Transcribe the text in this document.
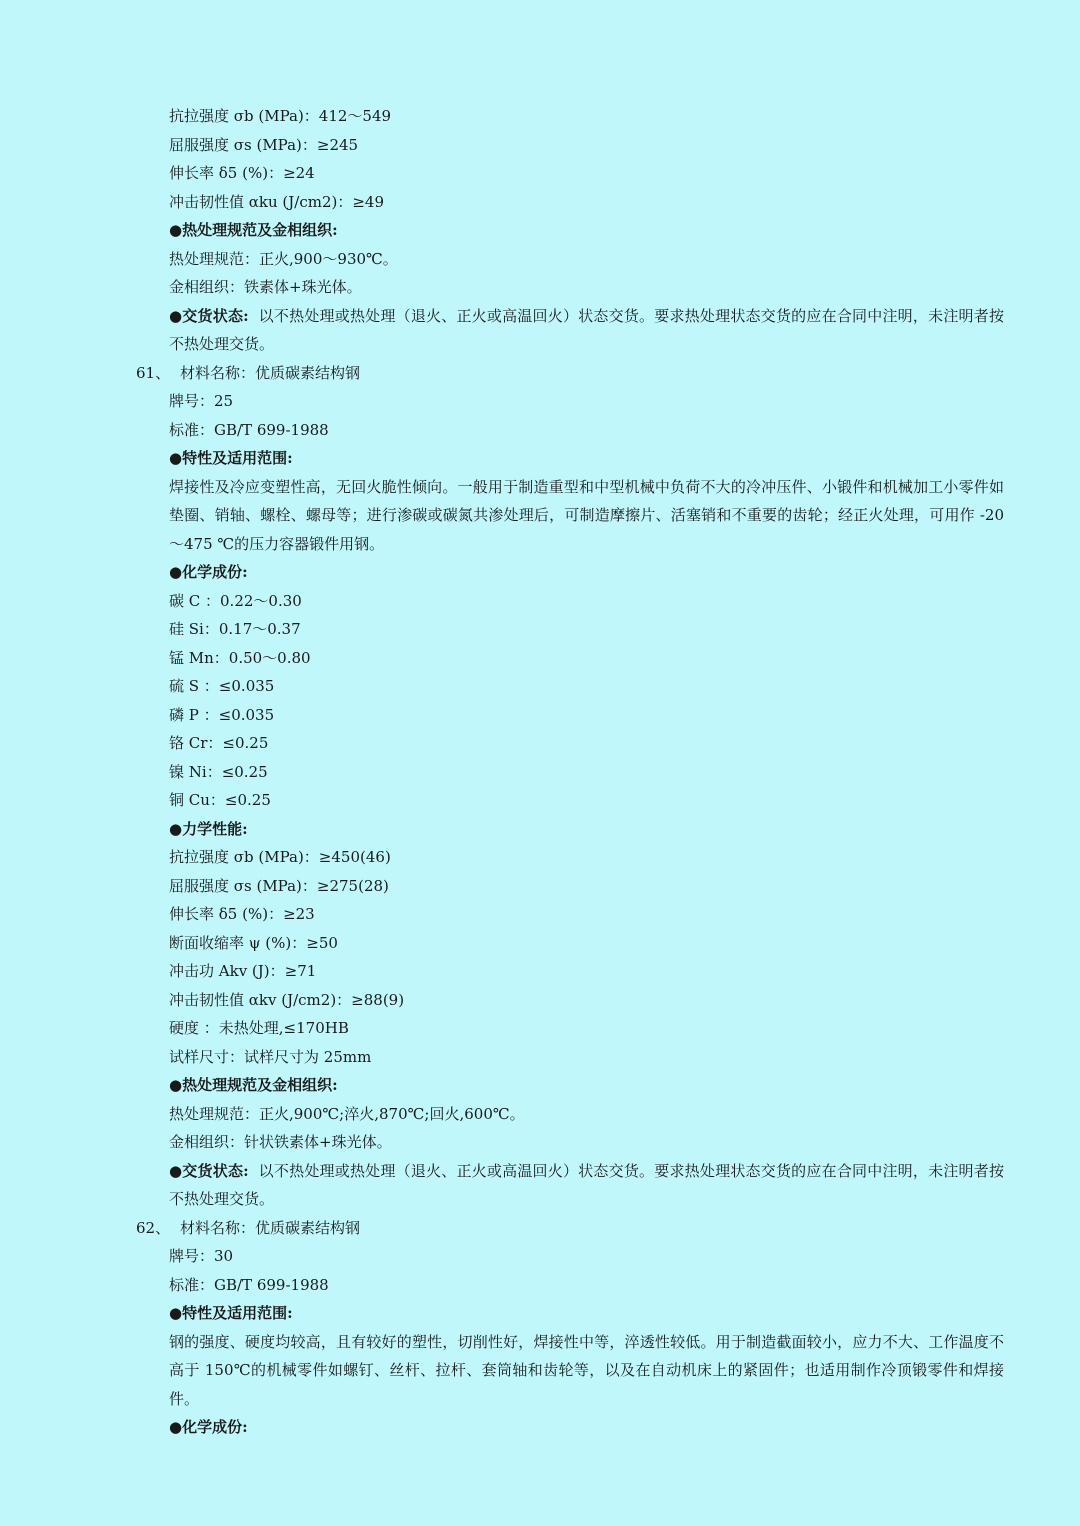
抗拉强度 σb (MPa)：412～549
屈服强度 σs (MPa)：≥245
伸长率 δ5 (%)：≥24
冲击韧性值 αku (J/cm2)：≥49
●热处理规范及金相组织:
热处理规范：正火,900～930℃。
金相组织：铁素体+珠光体。
●交货状态: 以不热处理或热处理（退火、正火或高温回火）状态交货。要求热处理状态交货的应在合同中注明，未注明者按不热处理交货。
61、 材料名称：优质碳素结构钢
牌号：25
标准：GB/T 699-1988
●特性及适用范围:
焊接性及冷应变塑性高，无回火脆性倾向。一般用于制造重型和中型机械中负荷不大的冷冲压件、小锻件和机械加工小零件如垫圈、销轴、螺栓、螺母等；进行渗碳或碳氮共渗处理后，可制造摩擦片、活塞销和不重要的齿轮；经正火处理，可用作 -20～475 ℃的压力容器锻件用钢。
●化学成份:
碳 C ：0.22～0.30
硅 Si：0.17～0.37
锰 Mn：0.50～0.80
硫 S ：≤0.035
磷 P ：≤0.035
铬 Cr：≤0.25
镍 Ni：≤0.25
铜 Cu：≤0.25
●力学性能:
抗拉强度 σb (MPa)：≥450(46)
屈服强度 σs (MPa)：≥275(28)
伸长率 δ5 (%)：≥23
断面收缩率 ψ (%)：≥50
冲击功 Akv (J)：≥71
冲击韧性值 αkv (J/cm2)：≥88(9)
硬度 ：未热处理,≤170HB
试样尺寸：试样尺寸为 25mm
●热处理规范及金相组织:
热处理规范：正火,900℃;淬火,870℃;回火,600℃。
金相组织：针状铁素体+珠光体。
●交货状态: 以不热处理或热处理（退火、正火或高温回火）状态交货。要求热处理状态交货的应在合同中注明，未注明者按不热处理交货。
62、 材料名称：优质碳素结构钢
牌号：30
标准：GB/T 699-1988
●特性及适用范围:
钢的强度、硬度均较高，且有较好的塑性，切削性好，焊接性中等，淬透性较低。用于制造截面较小，应力不大、工作温度不高于 150℃的机械零件如螺钉、丝杆、拉杆、套筒轴和齿轮等，以及在自动机床上的紧固件；也适用制作冷顶锻零件和焊接件。
●化学成份:
